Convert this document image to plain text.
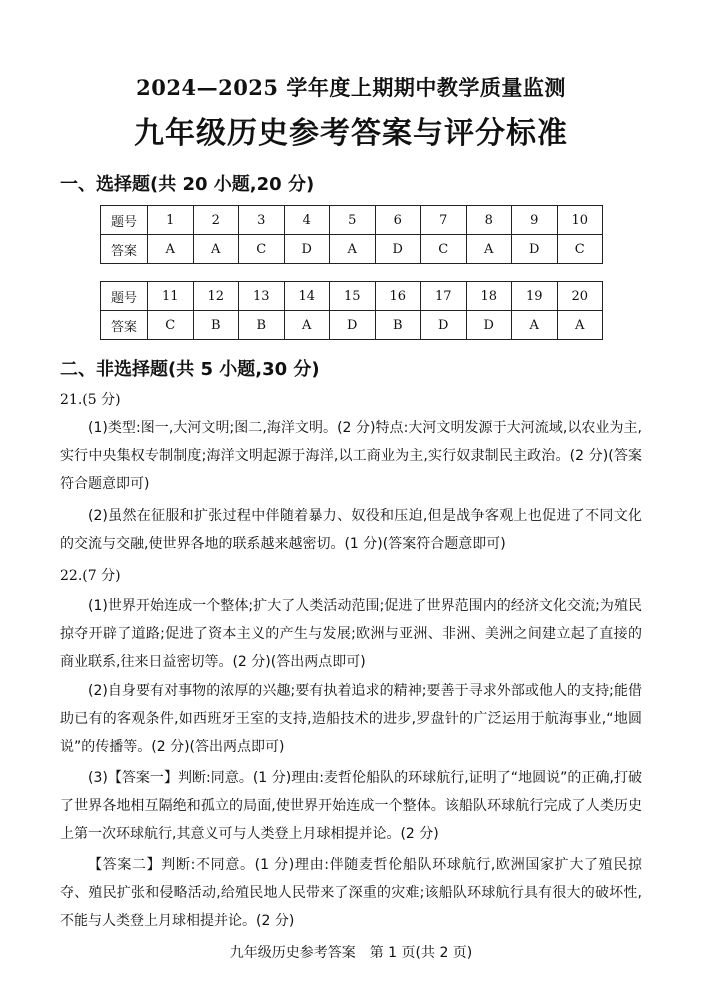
2024—2025 学年度上期期中教学质量监测
九年级历史参考答案与评分标准
一、选择题(共 20 小题,20 分)
题号	1	2	3	4	5	6	7	8	9	10
答案	A	A	C	D	A	D	C	A	D	C
题号	11	12	13	14	15	16	17	18	19	20
答案	C	B	B	A	D	B	D	D	A	A
二、非选择题(共 5 小题,30 分)
21.(5 分)
(1)类型:图一,大河文明;图二,海洋文明。(2 分)特点:大河文明发源于大河流域,以农业为主,实行中央集权专制制度;海洋文明起源于海洋,以工商业为主,实行奴隶制民主政治。(2 分)(答案符合题意即可)
(2)虽然在征服和扩张过程中伴随着暴力、奴役和压迫,但是战争客观上也促进了不同文化的交流与交融,使世界各地的联系越来越密切。(1 分)(答案符合题意即可)
22.(7 分)
(1)世界开始连成一个整体;扩大了人类活动范围;促进了世界范围内的经济文化交流;为殖民掠夺开辟了道路;促进了资本主义的产生与发展;欧洲与亚洲、非洲、美洲之间建立起了直接的商业联系,往来日益密切等。(2 分)(答出两点即可)
(2)自身要有对事物的浓厚的兴趣;要有执着追求的精神;要善于寻求外部或他人的支持;能借助已有的客观条件,如西班牙王室的支持,造船技术的进步,罗盘针的广泛运用于航海事业,“地圆说”的传播等。(2 分)(答出两点即可)
(3)【答案一】判断:同意。(1 分)理由:麦哲伦船队的环球航行,证明了“地圆说”的正确,打破了世界各地相互隔绝和孤立的局面,使世界开始连成一个整体。该船队环球航行完成了人类历史上第一次环球航行,其意义可与人类登上月球相提并论。(2 分)
【答案二】判断:不同意。(1 分)理由:伴随麦哲伦船队环球航行,欧洲国家扩大了殖民掠夺、殖民扩张和侵略活动,给殖民地人民带来了深重的灾难;该船队环球航行具有很大的破坏性,不能与人类登上月球相提并论。(2 分)
九年级历史参考答案　第 1 页(共 2 页)
